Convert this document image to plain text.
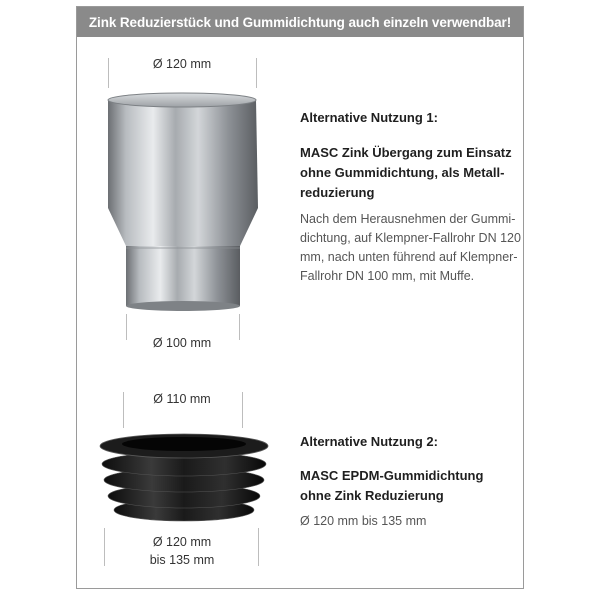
Zink Reduzierstück und Gummidichtung auch einzeln verwendbar!
Ø 120 mm
Ø 100 mm
Alternative Nutzung 1:
MASC Zink Übergang zum Einsatz
ohne Gummidichtung, als Metall-
reduzierung
Nach dem Herausnehmen der Gummi-
dichtung, auf Klempner-Fallrohr DN 120
mm, nach unten führend auf Klempner-
Fallrohr DN 100 mm, mit Muffe.
Ø 110 mm
Ø 120 mm
bis 135 mm
Alternative Nutzung 2:
MASC EPDM-Gummidichtung
ohne Zink Reduzierung
Ø 120 mm bis 135 mm
